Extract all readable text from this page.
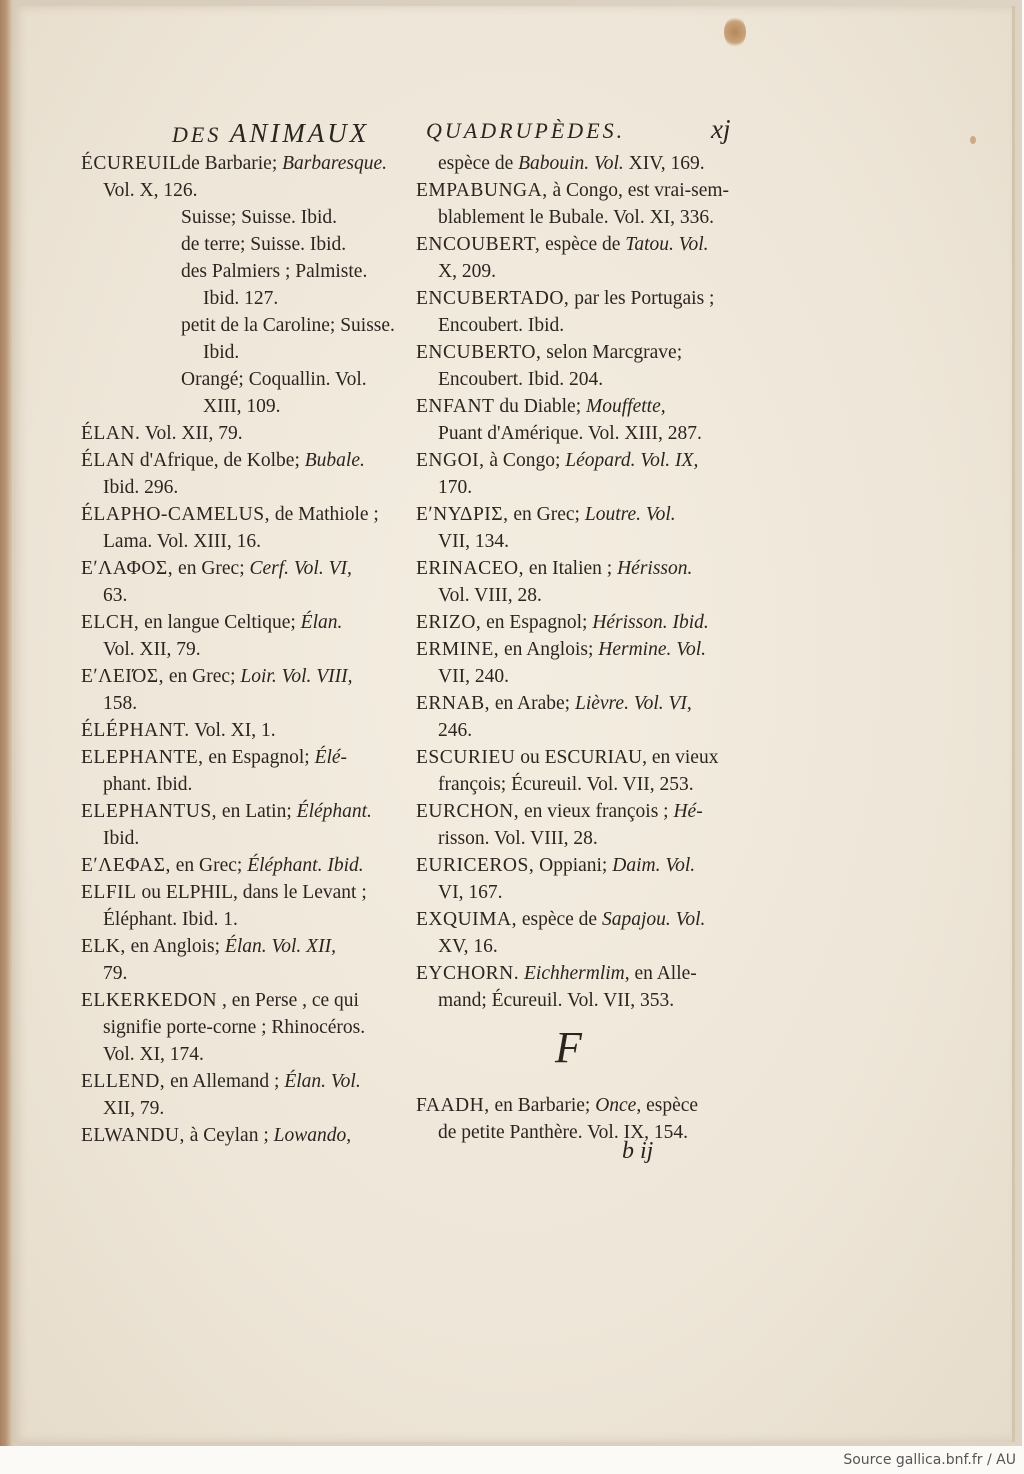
DES ANIMAUX	QUADRUPÈDES.	xj
ÉCUREUILde Barbarie; Barbaresque.
Vol. X, 126.
Suisse; Suisse. Ibid.
de terre; Suisse. Ibid.
des Palmiers ; Palmiste.
Ibid. 127.
petit de la Caroline; Suisse.
Ibid.
Orangé; Coquallin. Vol.
XIII, 109.
ÉLAN. Vol. XII, 79.
ÉLAN d'Afrique, de Kolbe; Bubale.
Ibid. 296.
ÉLAPHO-CAMELUS, de Mathiole ;
Lama. Vol. XIII, 16.
ΕʹΛΑΦΟΣ, en Grec; Cerf. Vol. VI,
63.
ELCH, en langue Celtique; Élan.
Vol. XII, 79.
ΕʹΛΕΙΌΣ, en Grec; Loir. Vol. VIII,
158.
ÉLÉPHANT. Vol. XI, 1.
ELEPHANTE, en Espagnol; Élé-
phant. Ibid.
ELEPHANTUS, en Latin; Éléphant.
Ibid.
ΕʹΛΕΦΑΣ, en Grec; Éléphant. Ibid.
ELFIL ou ELPHIL, dans le Levant ;
Éléphant. Ibid. 1.
ELK, en Anglois; Élan. Vol. XII,
79.
ELKERKEDON , en Perse , ce qui
signifie porte-corne ; Rhinocéros.
Vol. XI, 174.
ELLEND, en Allemand ; Élan. Vol.
XII, 79.
ELWANDU, à Ceylan ; Lowando,
espèce de Babouin. Vol. XIV, 169.
EMPABUNGA, à Congo, est vrai-sem-
blablement le Bubale. Vol. XI, 336.
ENCOUBERT, espèce de Tatou. Vol.
X, 209.
ENCUBERTADO, par les Portugais ;
Encoubert. Ibid.
ENCUBERTO, selon Marcgrave;
Encoubert. Ibid. 204.
ENFANT du Diable; Mouffette,
Puant d'Amérique. Vol. XIII, 287.
ENGOI, à Congo; Léopard. Vol. IX,
170.
ΕʹΝΥΔΡΙΣ, en Grec; Loutre. Vol.
VII, 134.
ERINACEO, en Italien ; Hérisson.
Vol. VIII, 28.
ERIZO, en Espagnol; Hérisson. Ibid.
ERMINE, en Anglois; Hermine. Vol.
VII, 240.
ERNAB, en Arabe; Lièvre. Vol. VI,
246.
ESCURIEU ou ESCURIAU, en vieux
françois; Écureuil. Vol. VII, 253.
EURCHON, en vieux françois ; Hé-
risson. Vol. VIII, 28.
EURICEROS, Oppiani; Daim. Vol.
VI, 167.
EXQUIMA, espèce de Sapajou. Vol.
XV, 16.
EYCHORN. Eichhermlim, en Alle-
mand; Écureuil. Vol. VII, 353.
F
FAADH, en Barbarie; Once, espèce
de petite Panthère. Vol. IX, 154.
b ij
Source gallica.bnf.fr / AU
